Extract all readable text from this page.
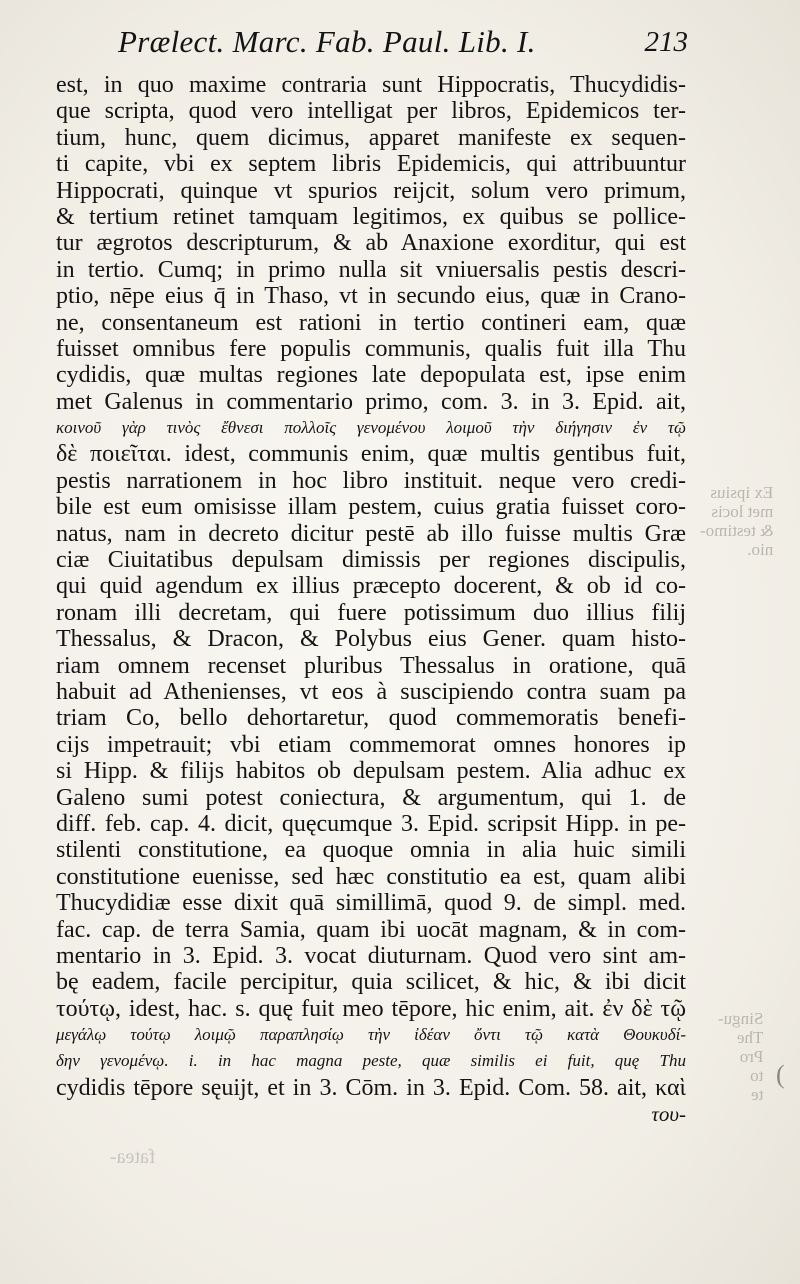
Prælect. Marc. Fab. Paul. Lib. I.	213
est, in quo maxime contraria sunt Hippocratis, Thucydidis-
que scripta, quod vero intelligat per libros, Epidemicos ter-
tium, hunc, quem dicimus, apparet manifeste ex sequen-
ti capite, vbi ex septem libris Epidemicis, qui attribuuntur
Hippocrati, quinque vt spurios reijcit, solum vero primum,
& tertium retinet tamquam legitimos, ex quibus se pollice-
tur ægrotos descripturum, & ab Anaxione exorditur, qui est
in tertio. Cumq; in primo nulla sit vniuersalis pestis descri-
ptio, nēpe eius q̄ in Thaso, vt in secundo eius, quæ in Crano-
ne, consentaneum est rationi in tertio contineri eam, quæ
fuisset omnibus fere populis communis, qualis fuit illa Thu
cydidis, quæ multas regiones late depopulata est, ipse enim
met Galenus in commentario primo, com. 3. in 3. Epid. ait,
κοινοῦ γὰρ τινὸς ἔθνεσι πολλοῖς γενομένου λοιμοῦ τὴν διήγησιν ἐν τῷ
δὲ ποιεῖται. idest, communis enim, quæ multis gentibus fuit,
pestis narrationem in hoc libro instituit. neque vero credi-
bile est eum omisisse illam pestem, cuius gratia fuisset coro-
natus, nam in decreto dicitur pestē ab illo fuisse multis Græ
ciæ Ciuitatibus depulsam dimissis per regiones discipulis,
qui quid agendum ex illius præcepto docerent, & ob id co-
ronam illi decretam, qui fuere potissimum duo illius filij
Thessalus, & Dracon, & Polybus eius Gener. quam histo-
riam omnem recenset pluribus Thessalus in oratione, quā
habuit ad Athenienses, vt eos à suscipiendo contra suam pa
triam Co, bello dehortaretur, quod commemoratis benefi-
cijs impetrauit; vbi etiam commemorat omnes honores ip
si Hipp. & filijs habitos ob depulsam pestem. Alia adhuc ex
Galeno sumi potest coniectura, & argumentum, qui 1. de
diff. feb. cap. 4. dicit, quęcumque 3. Epid. scripsit Hipp. in pe-
stilenti constitutione, ea quoque omnia in alia huic simili
constitutione euenisse, sed hæc constitutio ea est, quam alibi
Thucydidiæ esse dixit quā simillimā, quod 9. de simpl. med.
fac. cap. de terra Samia, quam ibi uocāt magnam, & in com-
mentario in 3. Epid. 3. vocat diuturnam. Quod vero sint am-
bę eadem, facile percipitur, quia scilicet, & hic, & ibi dicit
τούτῳ, idest, hac. s. quę fuit meo tēpore, hic enim, ait. ἐν δὲ τῷ
μεγάλῳ τούτῳ λοιμῷ παραπλησίῳ τὴν ἰδέαν ὄντι τῷ κατὰ Θουκυδί-
δην γενομένῳ. i. in hac magna peste, quæ similis ei fuit, quę Thu
cydidis tēpore sęuijt, et in 3. Cōm. in 3. Epid. Com. 58. ait, καὶ
του-
Ex ipsius
met locis
& testimo-
nio.
Singu-
The
Pro
to
te
fatea-
(
